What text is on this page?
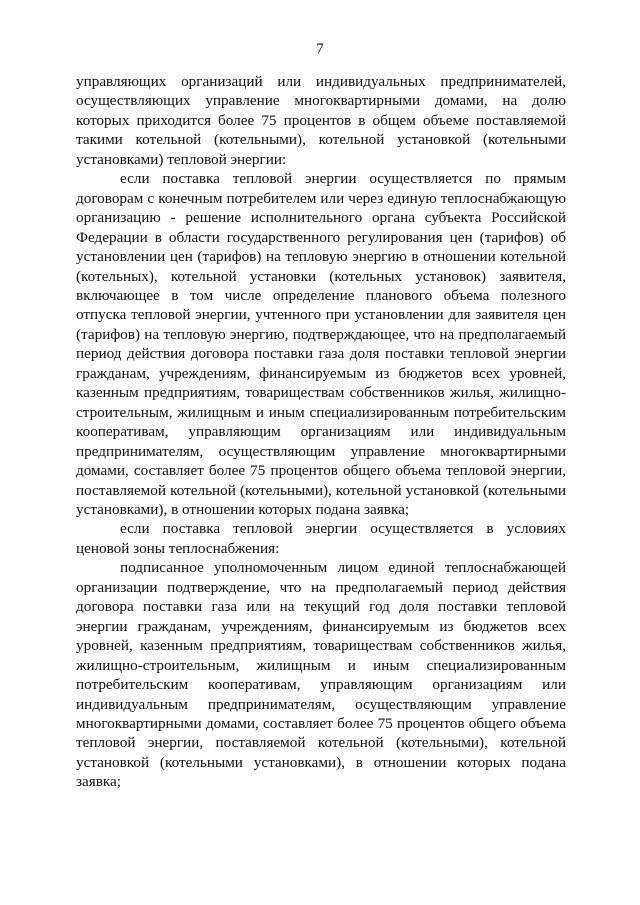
7

управляющих организаций или индивидуальных предпринимателей, осуществляющих управление многоквартирными домами, на долю которых приходится более 75 процентов в общем объеме поставляемой такими котельной (котельными), котельной установкой (котельными установками) тепловой энергии:

если поставка тепловой энергии осуществляется по прямым договорам с конечным потребителем или через единую теплоснабжающую организацию - решение исполнительного органа субъекта Российской Федерации в области государственного регулирования цен (тарифов) об установлении цен (тарифов) на тепловую энергию в отношении котельной (котельных), котельной установки (котельных установок) заявителя, включающее в том числе определение планового объема полезного отпуска тепловой энергии, учтенного при установлении для заявителя цен (тарифов) на тепловую энергию, подтверждающее, что на предполагаемый период действия договора поставки газа доля поставки тепловой энергии гражданам, учреждениям, финансируемым из бюджетов всех уровней, казенным предприятиям, товариществам собственников жилья, жилищно-строительным, жилищным и иным специализированным потребительским кооперативам, управляющим организациям или индивидуальным предпринимателям, осуществляющим управление многоквартирными домами, составляет более 75 процентов общего объема тепловой энергии, поставляемой котельной (котельными), котельной установкой (котельными установками), в отношении которых подана заявка;

если поставка тепловой энергии осуществляется в условиях ценовой зоны теплоснабжения:

подписанное уполномоченным лицом единой теплоснабжающей организации подтверждение, что на предполагаемый период действия договора поставки газа или на текущий год доля поставки тепловой энергии гражданам, учреждениям, финансируемым из бюджетов всех уровней, казенным предприятиям, товариществам собственников жилья, жилищно-строительным, жилищным и иным специализированным потребительским кооперативам, управляющим организациям или индивидуальным предпринимателям, осуществляющим управление многоквартирными домами, составляет более 75 процентов общего объема тепловой энергии, поставляемой котельной (котельными), котельной установкой (котельными установками), в отношении которых подана заявка;
